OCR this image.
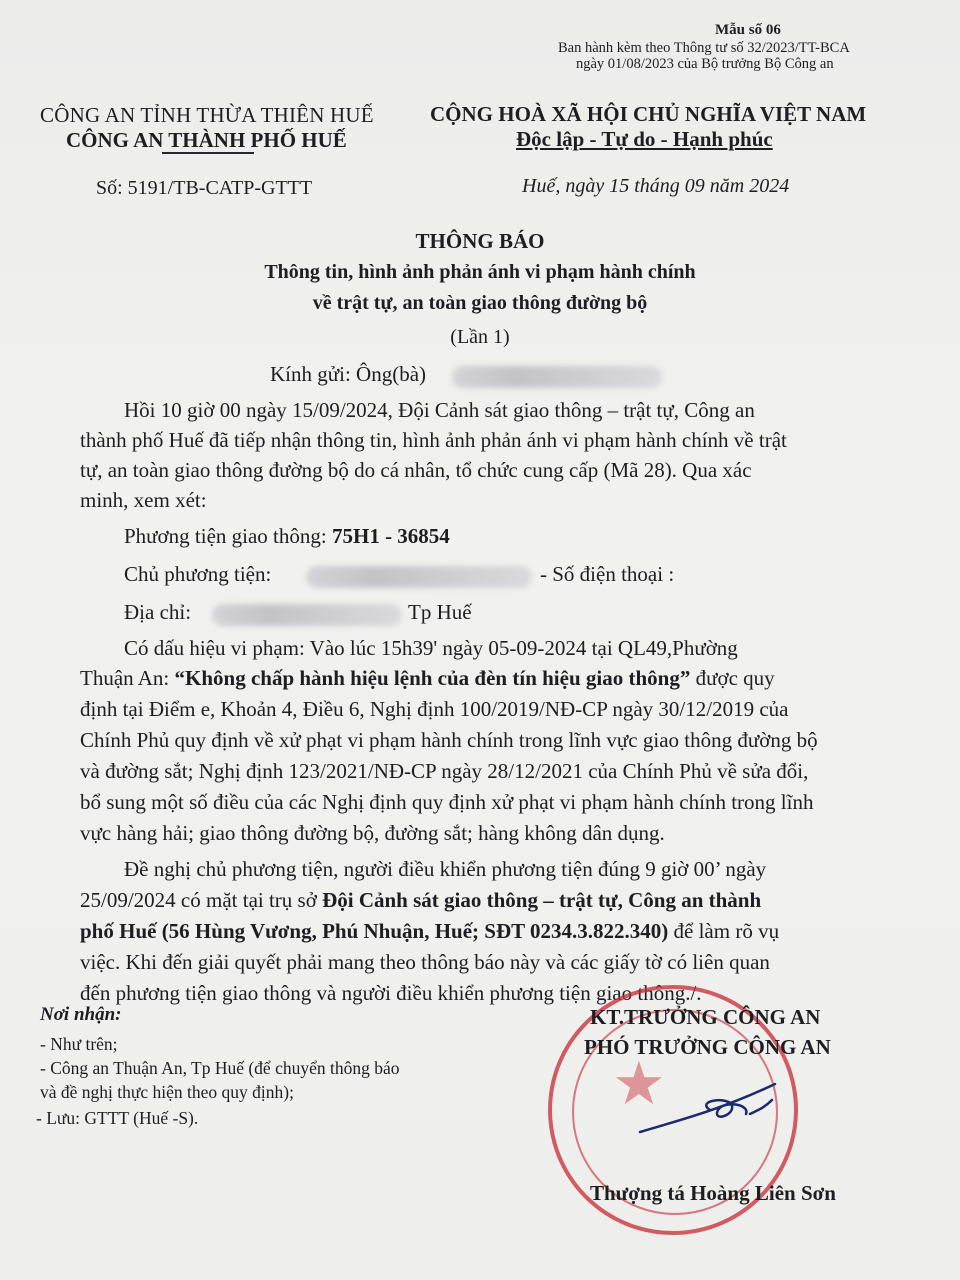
Mẫu số 06
Ban hành kèm theo Thông tư số 32/2023/TT-BCA
ngày 01/08/2023 của Bộ trưởng Bộ Công an
CÔNG AN TỈNH THỪA THIÊN HUẾ
CÔNG AN THÀNH PHỐ HUẾ
CỘNG HOÀ XÃ HỘI CHỦ NGHĨA VIỆT NAM
Độc lập - Tự do - Hạnh phúc
Số: 5191/TB-CATP-GTTT	Huế, ngày 15 tháng 09 năm 2024
THÔNG BÁO
Thông tin, hình ảnh phản ánh vi phạm hành chính
về trật tự, an toàn giao thông đường bộ
(Lần 1)
Kính gửi: Ông(bà)
Hồi 10 giờ 00 ngày 15/09/2024, Đội Cảnh sát giao thông – trật tự, Công an
thành phố Huế đã tiếp nhận thông tin, hình ảnh phản ánh vi phạm hành chính về trật
tự, an toàn giao thông đường bộ do cá nhân, tổ chức cung cấp (Mã 28). Qua xác
minh, xem xét:
Phương tiện giao thông: 75H1 - 36854
Chủ phương tiện:	- Số điện thoại :
Địa chỉ:	Tp Huế
Có dấu hiệu vi phạm: Vào lúc 15h39' ngày 05-09-2024 tại QL49,Phường
Thuận An: “Không chấp hành hiệu lệnh của đèn tín hiệu giao thông” được quy
định tại Điểm e, Khoản 4, Điều 6, Nghị định 100/2019/NĐ-CP ngày 30/12/2019 của
Chính Phủ quy định về xử phạt vi phạm hành chính trong lĩnh vực giao thông đường bộ
và đường sắt; Nghị định 123/2021/NĐ-CP ngày 28/12/2021 của Chính Phủ về sửa đổi,
bổ sung một số điều của các Nghị định quy định xử phạt vi phạm hành chính trong lĩnh
vực hàng hải; giao thông đường bộ, đường sắt; hàng không dân dụng.
Đề nghị chủ phương tiện, người điều khiển phương tiện đúng 9 giờ 00’ ngày
25/09/2024 có mặt tại trụ sở Đội Cảnh sát giao thông – trật tự, Công an thành
phố Huế (56 Hùng Vương, Phú Nhuận, Huế; SĐT 0234.3.822.340) để làm rõ vụ
việc. Khi đến giải quyết phải mang theo thông báo này và các giấy tờ có liên quan
đến phương tiện giao thông và người điều khiển phương tiện giao thông./.
Nơi nhận:
- Như trên;
- Công an Thuận An, Tp Huế (để chuyển thông báo
và đề nghị thực hiện theo quy định);
- Lưu: GTTT (Huế -S).
★
KT.TRƯỞNG CÔNG AN
PHÓ TRƯỞNG CÔNG AN
Thượng tá Hoàng Liên Sơn
